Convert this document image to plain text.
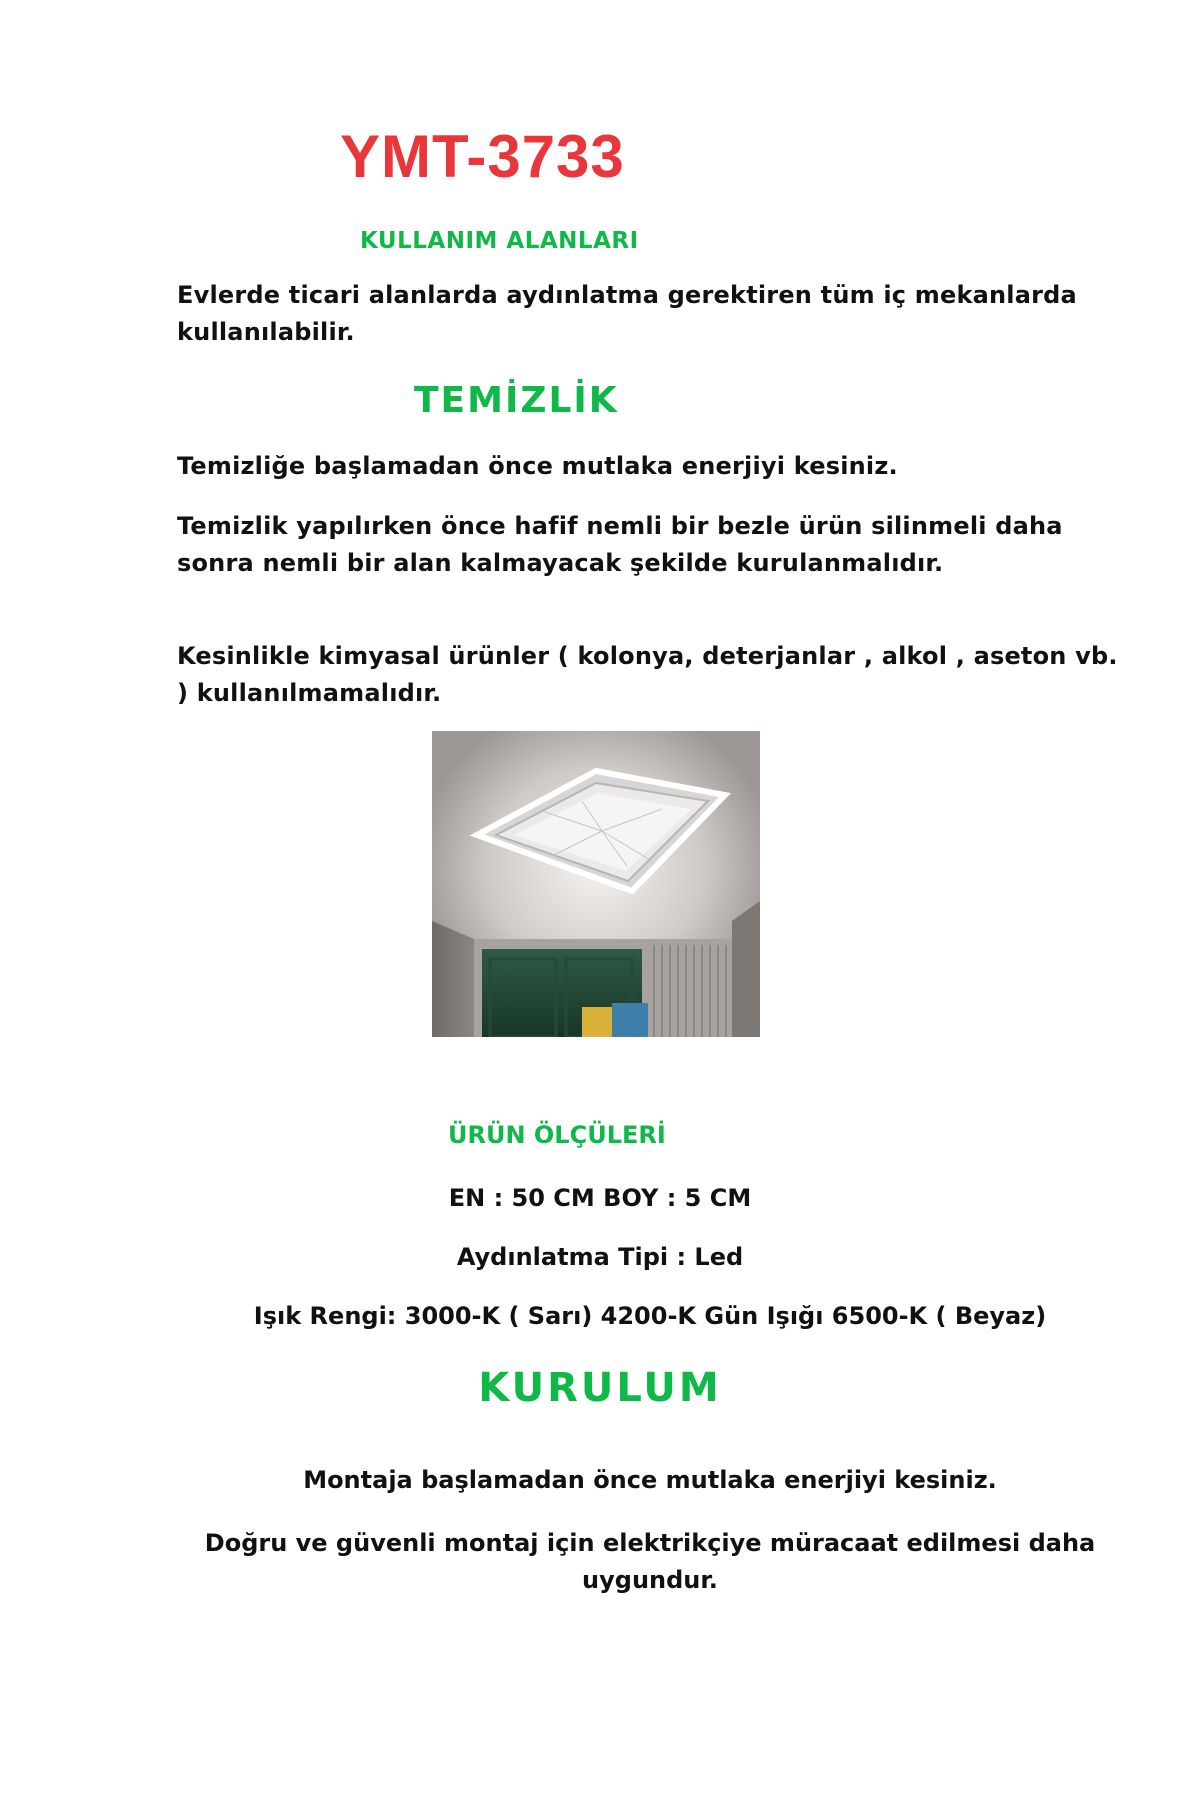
YMT-3733
KULLANIM ALANLARI
Evlerde ticari alanlarda aydınlatma gerektiren tüm iç mekanlarda kullanılabilir.
TEMİZLİK
Temizliğe başlamadan önce mutlaka enerjiyi kesiniz.
Temizlik yapılırken önce hafif nemli bir bezle ürün silinmeli daha sonra nemli bir alan kalmayacak şekilde kurulanmalıdır.
Kesinlikle kimyasal ürünler ( kolonya, deterjanlar , alkol , aseton vb. ) kullanılmamalıdır.
ÜRÜN ÖLÇÜLERİ
EN : 50 CM BOY : 5 CM
Aydınlatma Tipi : Led
Işık Rengi: 3000-K ( Sarı) 4200-K Gün Işığı 6500-K ( Beyaz)
KURULUM
Montaja başlamadan önce mutlaka enerjiyi kesiniz.
Doğru ve güvenli montaj için elektrikçiye müracaat edilmesi daha uygundur.
